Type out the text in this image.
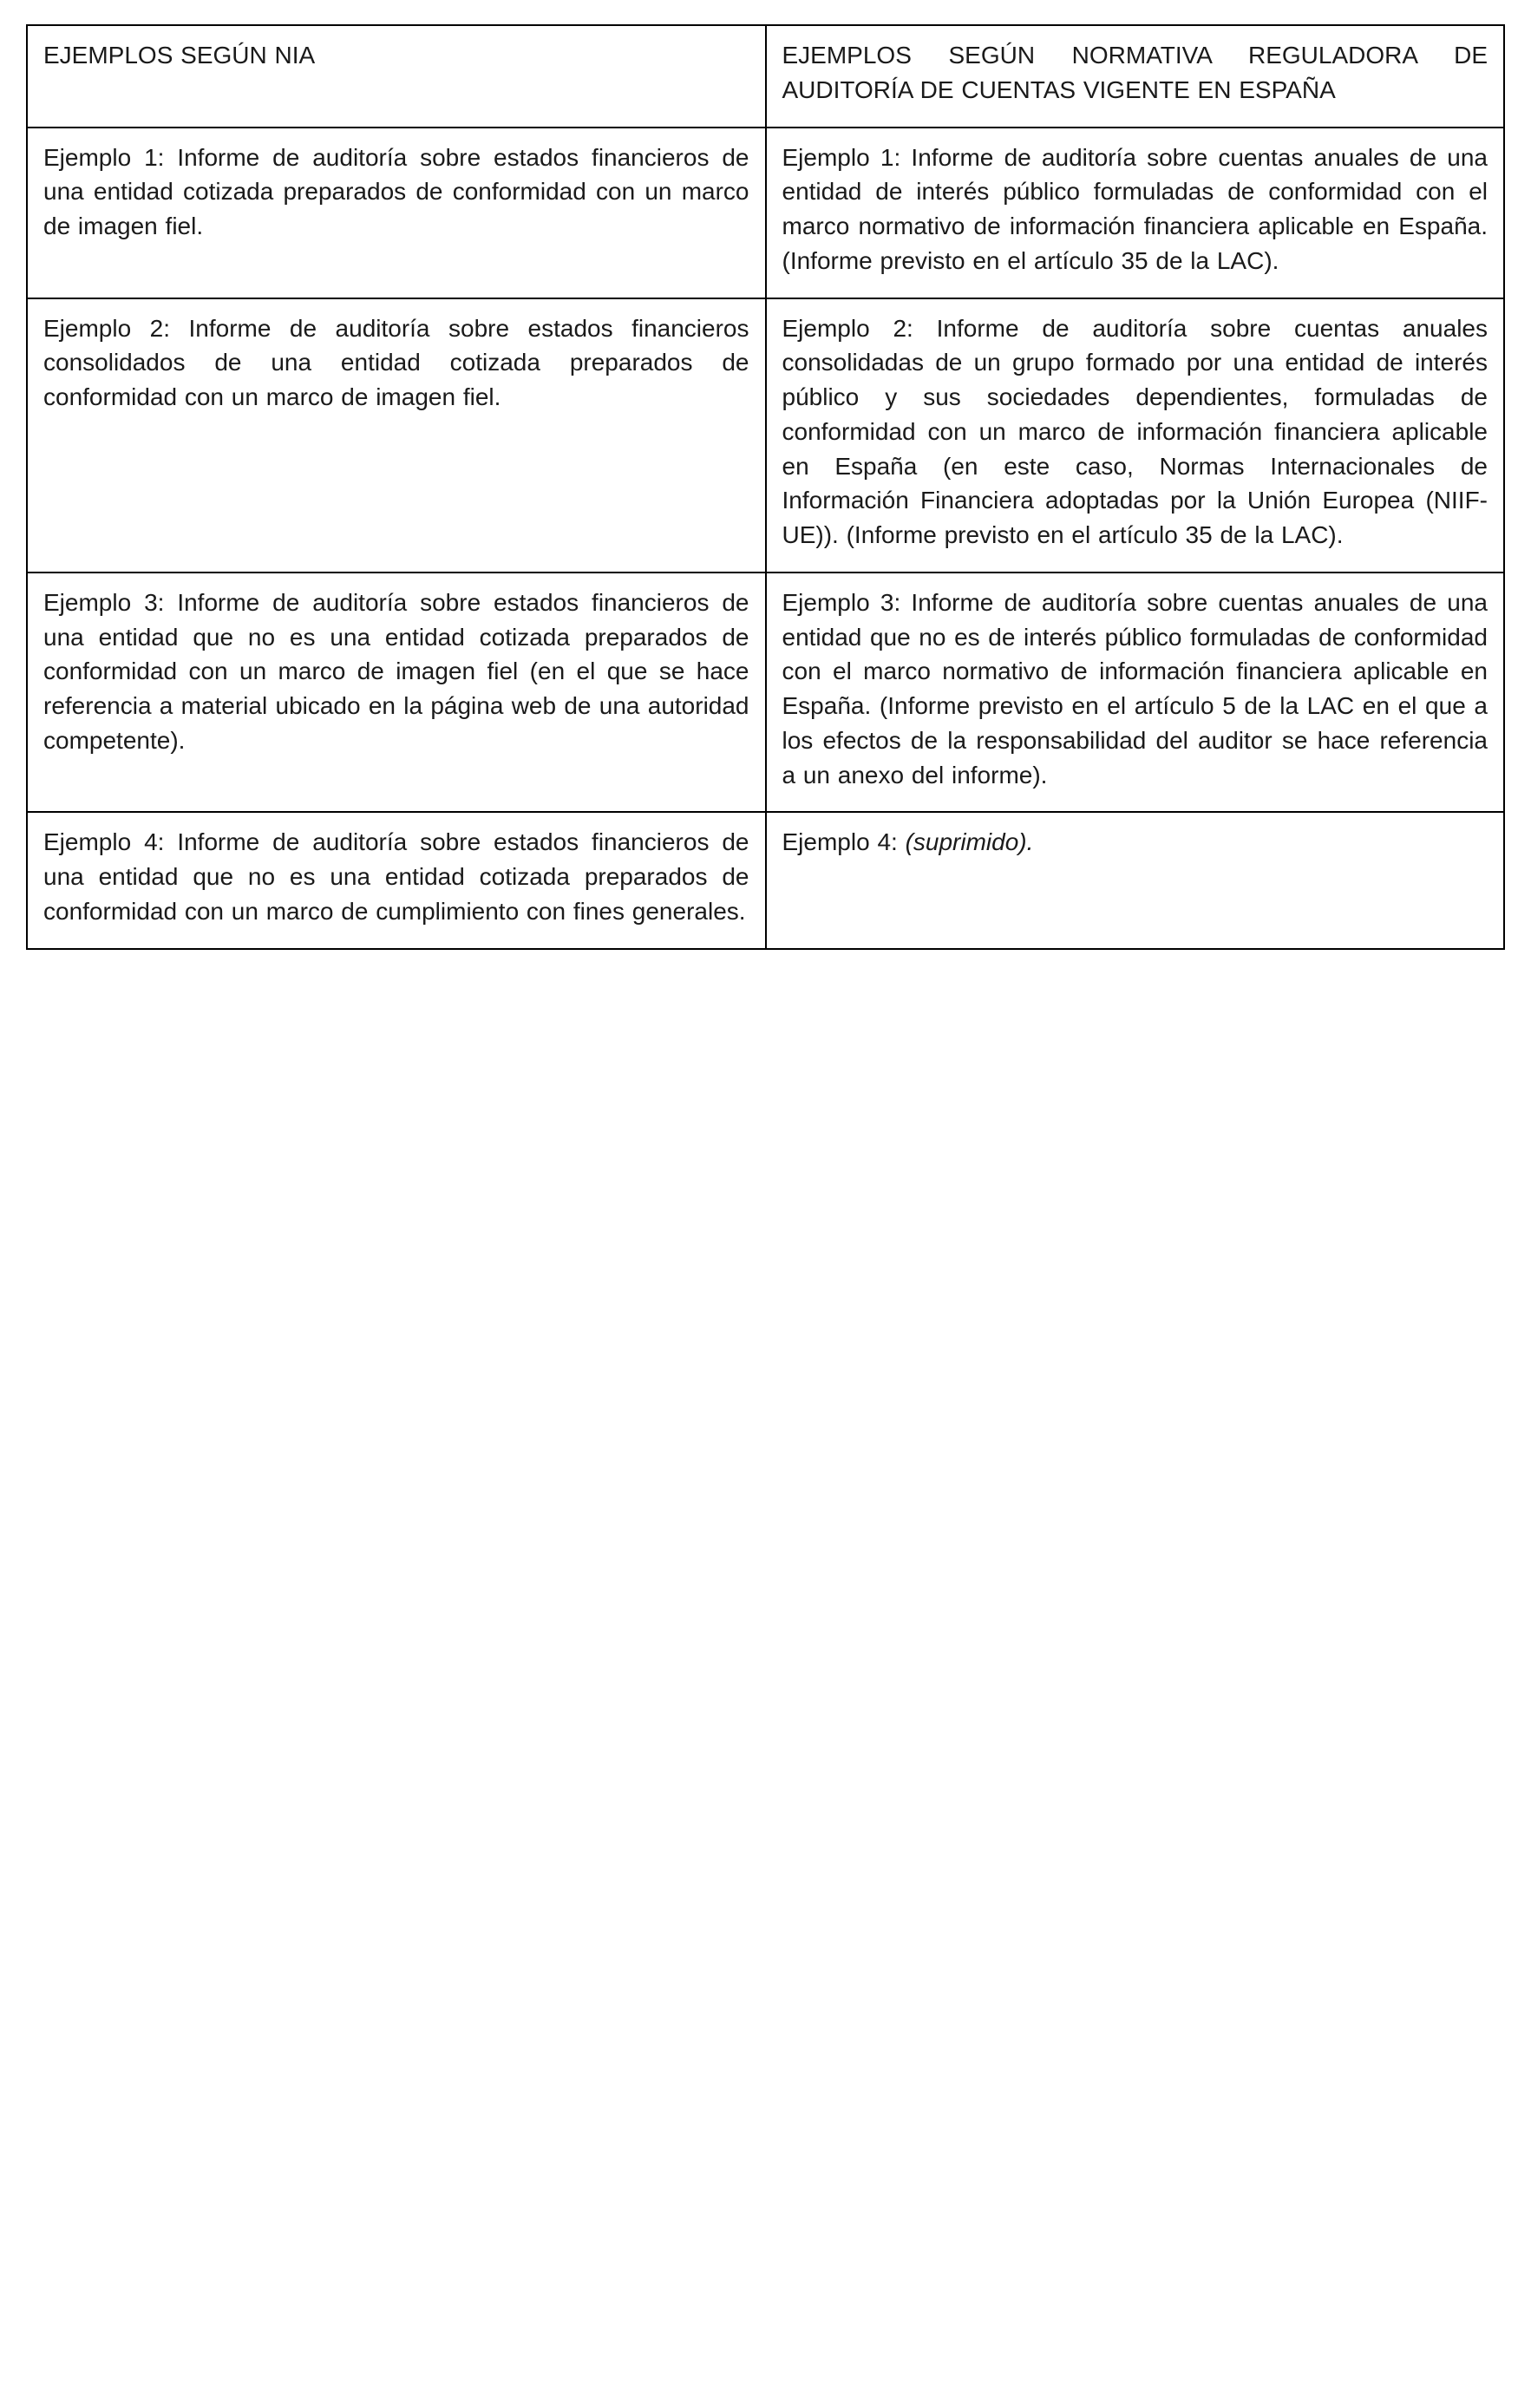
EJEMPLOS SEGÚN NIA	EJEMPLOS SEGÚN NORMATIVA REGULADORA DE AUDITORÍA DE CUENTAS VIGENTE EN ESPAÑA
Ejemplo 1: Informe de auditoría sobre estados financieros de una entidad cotizada preparados de conformidad con un marco de imagen fiel.	Ejemplo 1: Informe de auditoría sobre cuentas anuales de una entidad de interés público formuladas de conformidad con el marco normativo de información financiera aplicable en España. (Informe previsto en el artículo 35 de la LAC).
Ejemplo 2: Informe de auditoría sobre estados financieros consolidados de una entidad cotizada preparados de conformidad con un marco de imagen fiel.	Ejemplo 2: Informe de auditoría sobre cuentas anuales consolidadas de un grupo formado por una entidad de interés público y sus sociedades dependientes, formuladas de conformidad con un marco de información financiera aplicable en España (en este caso, Normas Internacionales de Información Financiera adoptadas por la Unión Europea (NIIF-UE)). (Informe previsto en el artículo 35 de la LAC).
Ejemplo 3: Informe de auditoría sobre estados financieros de una entidad que no es una entidad cotizada preparados de conformidad con un marco de imagen fiel (en el que se hace referencia a material ubicado en la página web de una autoridad competente).	Ejemplo 3: Informe de auditoría sobre cuentas anuales de una entidad que no es de interés público formuladas de conformidad con el marco normativo de información financiera aplicable en España. (Informe previsto en el artículo 5 de la LAC en el que a los efectos de la responsabilidad del auditor se hace referencia a un anexo del informe).
Ejemplo 4: Informe de auditoría sobre estados financieros de una entidad que no es una entidad cotizada preparados de conformidad con un marco de cumplimiento con fines generales.	Ejemplo 4: (suprimido).
